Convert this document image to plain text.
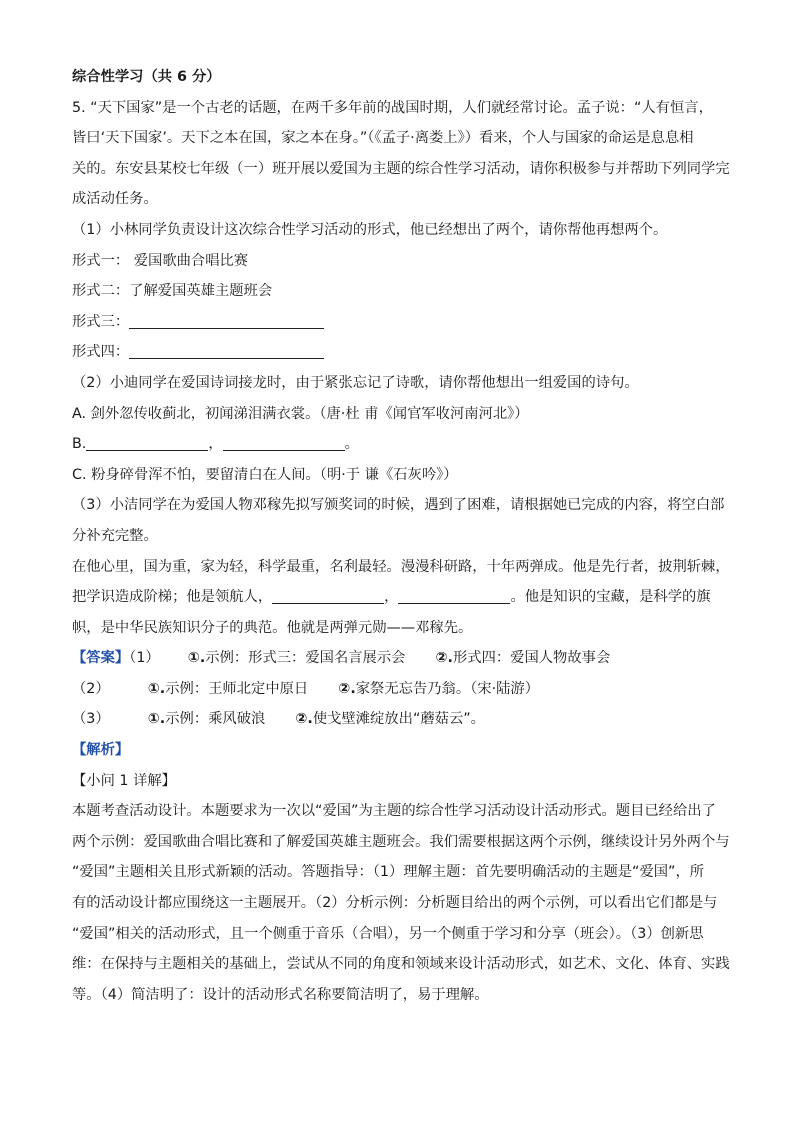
综合性学习（共 6 分）
5. “天下国家”是一个古老的话题，在两千多年前的战国时期，人们就经常讨论。孟子说：“人有恒言，
皆曰‘天下国家’。天下之本在国，家之本在身。”（《孟子·离娄上》）看来，个人与国家的命运是息息相
关的。东安县某校七年级（一）班开展以爱国为主题的综合性学习活动，请你积极参与并帮助下列同学完
成活动任务。
（1）小林同学负责设计这次综合性学习活动的形式，他已经想出了两个，请你帮他再想两个。
形式一： 爱国歌曲合唱比赛
形式二：了解爱国英雄主题班会
形式三：
形式四：
（2）小迪同学在爱国诗词接龙时，由于紧张忘记了诗歌，请你帮他想出一组爱国的诗句。
A. 剑外忽传收蓟北，初闻涕泪满衣裳。（唐·杜 甫《闻官军收河南河北》）
B.	，	。
C. 粉身碎骨浑不怕，要留清白在人间。（明·于 谦《石灰吟》）
（3）小洁同学在为爱国人物邓稼先拟写颁奖词的时候，遇到了困难，请根据她已完成的内容，将空白部
分补充完整。
在他心里，国为重，家为轻，科学最重，名利最轻。漫漫科研路，十年两弹成。他是先行者，披荆斩棘，
把学识造成阶梯；他是领航人，	，	。他是知识的宝藏，是科学的旗
帜，是中华民族知识分子的典范。他就是两弹元勋——邓稼先。
【答案】（1） ①.示例：形式三：爱国名言展示会 ②.形式四：爱国人物故事会
（2）	①.示例：王师北定中原日 ②.家祭无忘告乃翁。（宋·陆游）
（3）	①.示例：乘风破浪 ②.使戈壁滩绽放出“蘑菇云”。
【解析】
【小问 1 详解】
本题考查活动设计。本题要求为一次以“爱国”为主题的综合性学习活动设计活动形式。题目已经给出了
两个示例：爱国歌曲合唱比赛和了解爱国英雄主题班会。我们需要根据这两个示例，继续设计另外两个与
“爱国”主题相关且形式新颖的活动。答题指导：（1）理解主题：首先要明确活动的主题是“爱国”，所
有的活动设计都应围绕这一主题展开。（2）分析示例：分析题目给出的两个示例，可以看出它们都是与
“爱国”相关的活动形式，且一个侧重于音乐（合唱），另一个侧重于学习和分享（班会）。（3）创新思
维：在保持与主题相关的基础上，尝试从不同的角度和领域来设计活动形式，如艺术、文化、体育、实践
等。（4）简洁明了：设计的活动形式名称要简洁明了，易于理解。
